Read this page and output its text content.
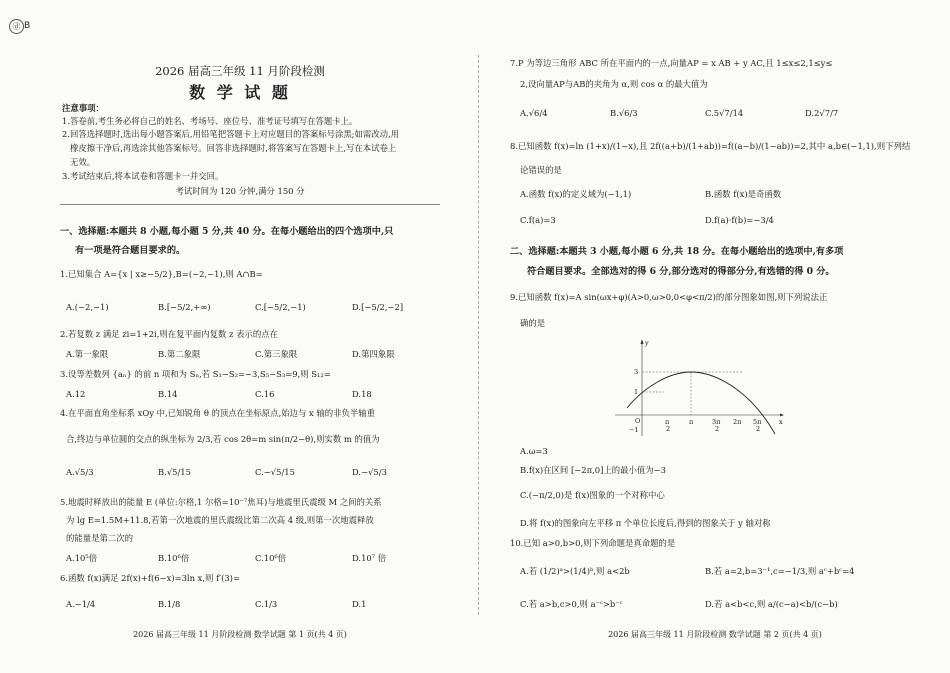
ⓓ B
2026 届高三年级 11 月阶段检测
数 学 试 题
注意事项：
1.答卷前,考生务必将自己的姓名、考场号、座位号、准考证号填写在答题卡上。
2.回答选择题时,选出每小题答案后,用铅笔把答题卡上对应题目的答案标号涂黑;如需改动,用
橡皮擦干净后,再选涂其他答案标号。回答非选择题时,将答案写在答题卡上,写在本试卷上
无效。
3.考试结束后,将本试卷和答题卡一并交回。
考试时间为 120 分钟,满分 150 分
一、选择题:本题共 8 小题,每小题 5 分,共 40 分。在每小题给出的四个选项中,只
有一项是符合题目要求的。
1.已知集合 A={x | x≥−5/2},B=(−2,−1),则 A∩B=
A.(−2,−1)	B.[−5/2,+∞)	C.[−5/2,−1)	D.[−5/2,−2]
2.若复数 z 满足 zi=1+2i,则在复平面内复数 z 表示的点在
A.第一象限	B.第二象限	C.第三象限	D.第四象限
3.设等差数列 {aₙ} 的前 n 项和为 Sₙ,若 S₁−S₂=−3,S₅−S₃=9,则 S₁₂=
A.12	B.14	C.16	D.18
4.在平面直角坐标系 xOy 中,已知锐角 θ 的顶点在坐标原点,始边与 x 轴的非负半轴重
合,终边与单位圆的交点的纵坐标为 2/3,若 cos 2θ=m sin(π/2−θ),则实数 m 的值为
A.√5/3	B.√5/15	C.−√5/15	D.−√5/3
5.地震时释放出的能量 E (单位:尔格,1 尔格=10⁻⁷焦耳)与地震里氏震级 M 之间的关系
为 lg E=1.5M+11.8,若第一次地震的里氏震级比第二次高 4 级,则第一次地震释放
的能量是第二次的
A.10⁵倍	B.10⁶倍	C.10⁶倍	D.10⁷ 倍
6.函数 f(x)满足 2f(x)+f(6−x)=3ln x,则 f′(3)=
A.−1/4	B.1/8	C.1/3	D.1
2026 届高三年级 11 月阶段检测 数学试题 第 1 页(共 4 页)
7.P 为等边三角形 ABC 所在平面内的一点,向量AP = x AB + y AC,且 1≤x≤2,1≤y≤
2,设向量AP与AB的夹角为 α,则 cos α 的最大值为
A.√6/4	B.√6/3	C.5√7/14	D.2√7/7
8.已知函数 f(x)=ln (1+x)/(1−x),且 2f((a+b)/(1+ab))=f((a−b)/(1−ab))=2,其中 a,b∈(−1,1),则下列结
论错误的是
A.函数 f(x)的定义域为(−1,1)	B.函数 f(x)是奇函数
C.f(a)=3	D.f(a)·f(b)=−3/4
二、选择题:本题共 3 小题,每小题 6 分,共 18 分。在每小题给出的选项中,有多项
符合题目要求。全部选对的得 6 分,部分选对的得部分分,有选错的得 0 分。
9.已知函数 f(x)=A sin(ωx+φ)(A>0,ω>0,0<φ<π/2)的部分图象如图,则下列说法正
确的是
y
x
O
3
1
−1
π
2
π	3π
2
2π 5π
2
A.ω=3
B.f(x)在区间 [−2π,0]上的最小值为−3
C.(−π/2,0)是 f(x)图象的一个对称中心
D.将 f(x)的图象向左平移 π 个单位长度后,得到的图象关于 y 轴对称
10.已知 a>0,b>0,则下列命题是真命题的是
A.若 (1/2)ᵃ>(1/4)ᵇ,则 a<2b	B.若 a=2,b=3⁻¹,c=−1/3,则 aᶜ+bᶜ=4
C.若 a>b,c>0,则 a⁻ᶜ>b⁻ᶜ	D.若 a<b<c,则 a/(c−a)<b/(c−b)
2026 届高三年级 11 月阶段检测 数学试题 第 2 页(共 4 页)
